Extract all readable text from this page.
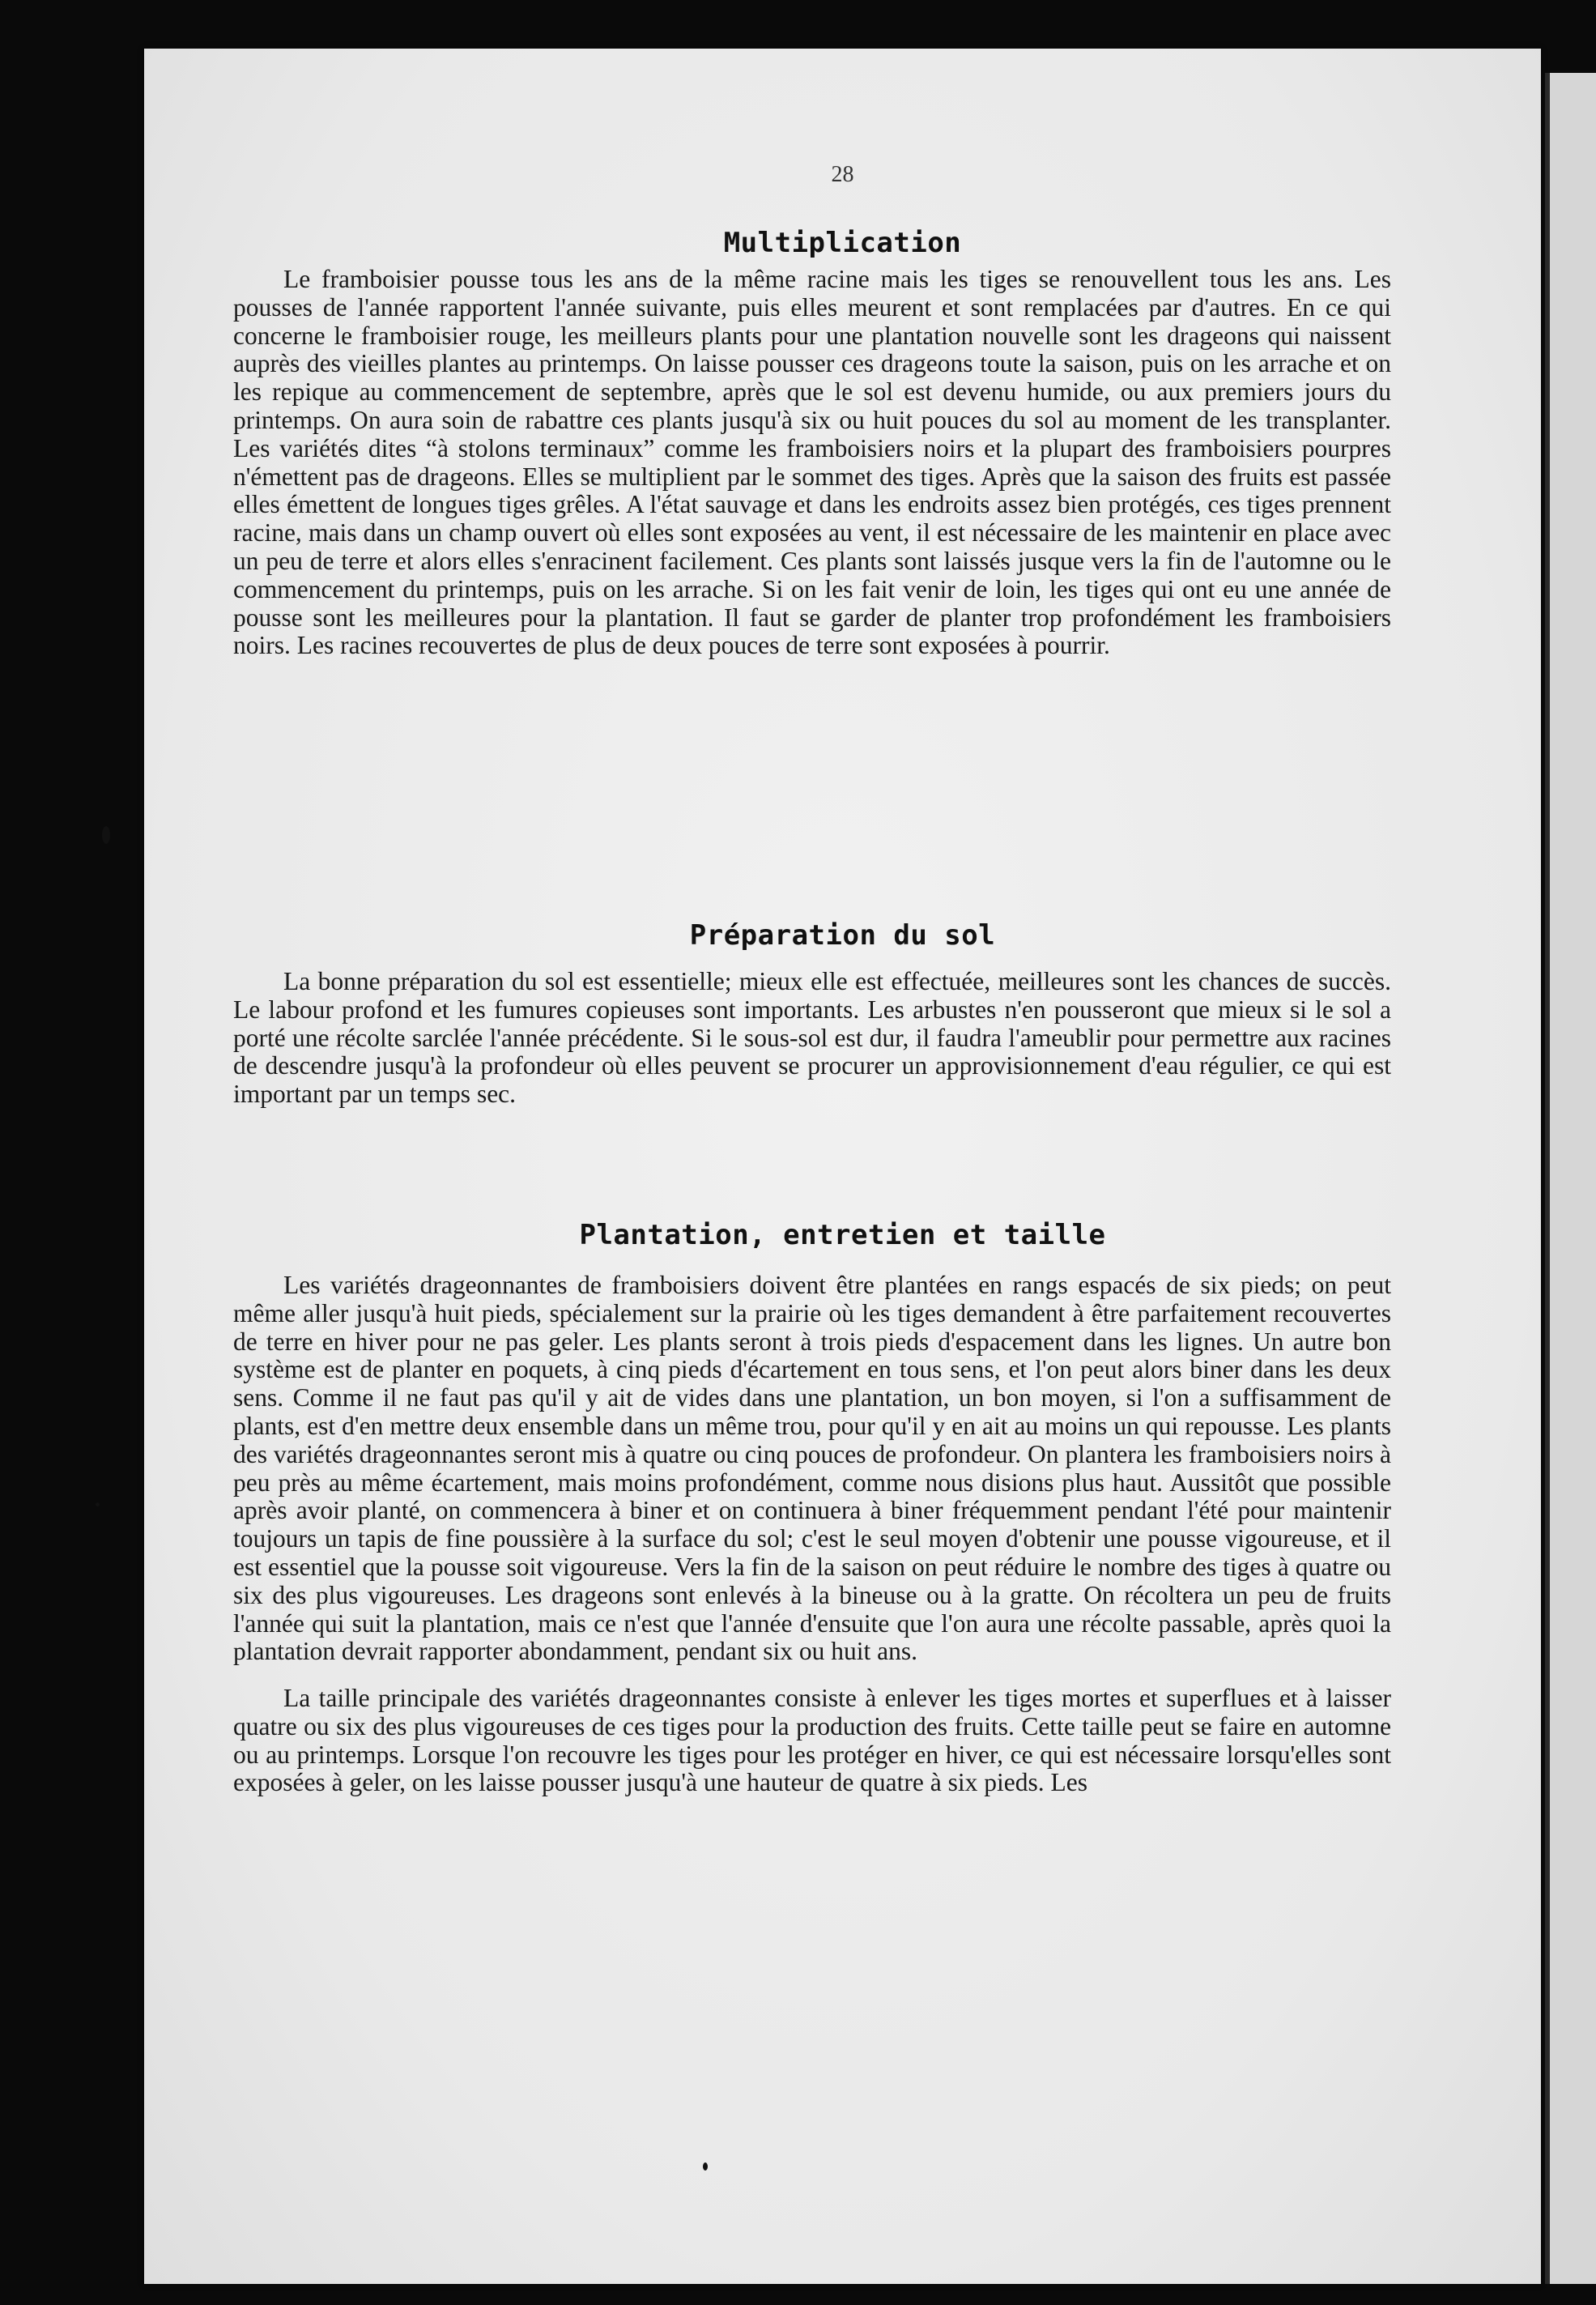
28
Multiplication

Le framboisier pousse tous les ans de la même racine mais les tiges se renouvellent tous les ans. Les pousses de l'année rapportent l'année suivante, puis elles meurent et sont remplacées par d'autres. En ce qui concerne le framboisier rouge, les meilleurs plants pour une plantation nouvelle sont les drageons qui naissent auprès des vieilles plantes au printemps. On laisse pousser ces drageons toute la saison, puis on les arrache et on les repique au commencement de septembre, après que le sol est devenu humide, ou aux premiers jours du printemps. On aura soin de rabattre ces plants jusqu'à six ou huit pouces du sol au moment de les transplanter. Les variétés dites “à stolons terminaux” comme les framboisiers noirs et la plupart des framboisiers pourpres n'émettent pas de drageons. Elles se multiplient par le sommet des tiges. Après que la saison des fruits est passée elles émettent de longues tiges grêles. A l'état sauvage et dans les endroits assez bien protégés, ces tiges prennent racine, mais dans un champ ouvert où elles sont exposées au vent, il est nécessaire de les maintenir en place avec un peu de terre et alors elles s'enracinent facilement. Ces plants sont laissés jusque vers la fin de l'automne ou le commencement du printemps, puis on les arrache. Si on les fait venir de loin, les tiges qui ont eu une année de pousse sont les meilleures pour la plantation. Il faut se garder de planter trop profondément les framboisiers noirs. Les racines recouvertes de plus de deux pouces de terre sont exposées à pourrir.

Préparation du sol

La bonne préparation du sol est essentielle; mieux elle est effectuée, meilleures sont les chances de succès. Le labour profond et les fumures copieuses sont importants. Les arbustes n'en pousseront que mieux si le sol a porté une récolte sarclée l'année précédente. Si le sous-sol est dur, il faudra l'ameublir pour permettre aux racines de descendre jusqu'à la profondeur où elles peuvent se procurer un approvisionnement d'eau régulier, ce qui est important par un temps sec.

Plantation, entretien et taille

Les variétés drageonnantes de framboisiers doivent être plantées en rangs espacés de six pieds; on peut même aller jusqu'à huit pieds, spécialement sur la prairie où les tiges demandent à être parfaitement recouvertes de terre en hiver pour ne pas geler. Les plants seront à trois pieds d'espacement dans les lignes. Un autre bon système est de planter en poquets, à cinq pieds d'écartement en tous sens, et l'on peut alors biner dans les deux sens. Comme il ne faut pas qu'il y ait de vides dans une plantation, un bon moyen, si l'on a suffisamment de plants, est d'en mettre deux ensemble dans un même trou, pour qu'il y en ait au moins un qui repousse. Les plants des variétés drageonnantes seront mis à quatre ou cinq pouces de profondeur. On plantera les framboisiers noirs à peu près au même écartement, mais moins profondément, comme nous disions plus haut. Aussitôt que possible après avoir planté, on commencera à biner et on continuera à biner fréquemment pendant l'été pour maintenir toujours un tapis de fine poussière à la surface du sol; c'est le seul moyen d'obtenir une pousse vigoureuse, et il est essentiel que la pousse soit vigoureuse. Vers la fin de la saison on peut réduire le nombre des tiges à quatre ou six des plus vigoureuses. Les drageons sont enlevés à la bineuse ou à la gratte. On récoltera un peu de fruits l'année qui suit la plantation, mais ce n'est que l'année d'ensuite que l'on aura une récolte passable, après quoi la plantation devrait rapporter abondamment, pendant six ou huit ans.

La taille principale des variétés drageonnantes consiste à enlever les tiges mortes et superflues et à laisser quatre ou six des plus vigoureuses de ces tiges pour la production des fruits. Cette taille peut se faire en automne ou au printemps. Lorsque l'on recouvre les tiges pour les protéger en hiver, ce qui est nécessaire lorsqu'elles sont exposées à geler, on les laisse pousser jusqu'à une hauteur de quatre à six pieds. Les
